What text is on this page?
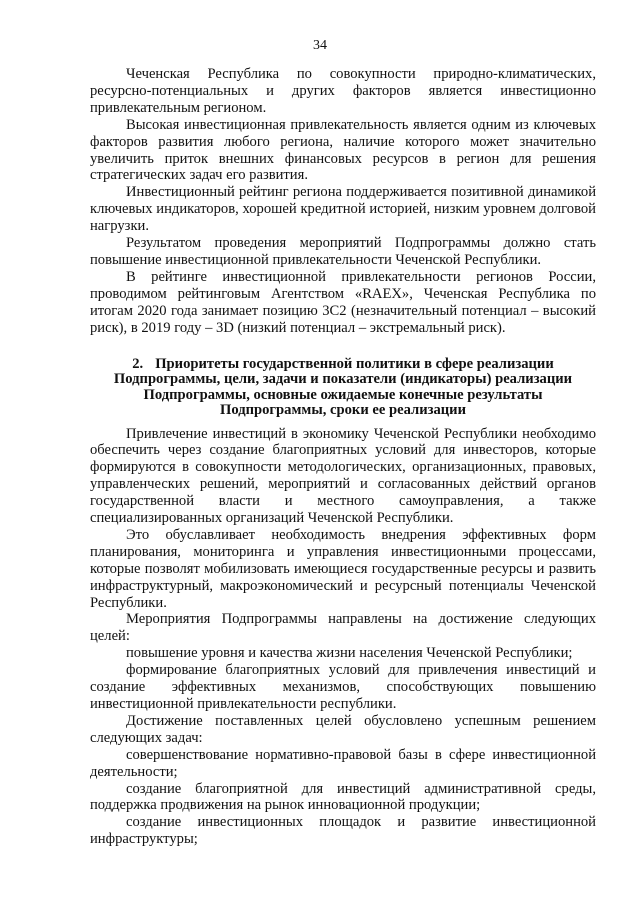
34

Чеченская Республика по совокупности природно-климатических, ресурсно-потенциальных и других факторов является инвестиционно привлекательным регионом.

Высокая инвестиционная привлекательность является одним из ключевых факторов развития любого региона, наличие которого может значительно увеличить приток внешних финансовых ресурсов в регион для решения стратегических задач его развития.

Инвестиционный рейтинг региона поддерживается позитивной динамикой ключевых индикаторов, хорошей кредитной историей, низким уровнем долговой нагрузки.

Результатом проведения мероприятий Подпрограммы должно стать повышение инвестиционной привлекательности Чеченской Республики.

В рейтинге инвестиционной привлекательности регионов России, проводимом рейтинговым Агентством «RAEX», Чеченская Республика по итогам 2020 года занимает позицию 3С2 (незначительный потенциал – высокий риск), в 2019 году – 3D (низкий потенциал – экстремальный риск).

2. Приоритеты государственной политики в сфере реализации Подпрограммы, цели, задачи и показатели (индикаторы) реализации Подпрограммы, основные ожидаемые конечные результаты Подпрограммы, сроки ее реализации

Привлечение инвестиций в экономику Чеченской Республики необходимо обеспечить через создание благоприятных условий для инвесторов, которые формируются в совокупности методологических, организационных, правовых, управленческих решений, мероприятий и согласованных действий органов государственной власти и местного самоуправления, а также специализированных организаций Чеченской Республики.

Это обуславливает необходимость внедрения эффективных форм планирования, мониторинга и управления инвестиционными процессами, которые позволят мобилизовать имеющиеся государственные ресурсы и развить инфраструктурный, макроэкономический и ресурсный потенциалы Чеченской Республики.

Мероприятия Подпрограммы направлены на достижение следующих целей:

повышение уровня и качества жизни населения Чеченской Республики;

формирование благоприятных условий для привлечения инвестиций и создание эффективных механизмов, способствующих повышению инвестиционной привлекательности республики.

Достижение поставленных целей обусловлено успешным решением следующих задач:

совершенствование нормативно-правовой базы в сфере инвестиционной деятельности;

создание благоприятной для инвестиций административной среды, поддержка продвижения на рынок инновационной продукции;

создание инвестиционных площадок и развитие инвестиционной инфраструктуры;
